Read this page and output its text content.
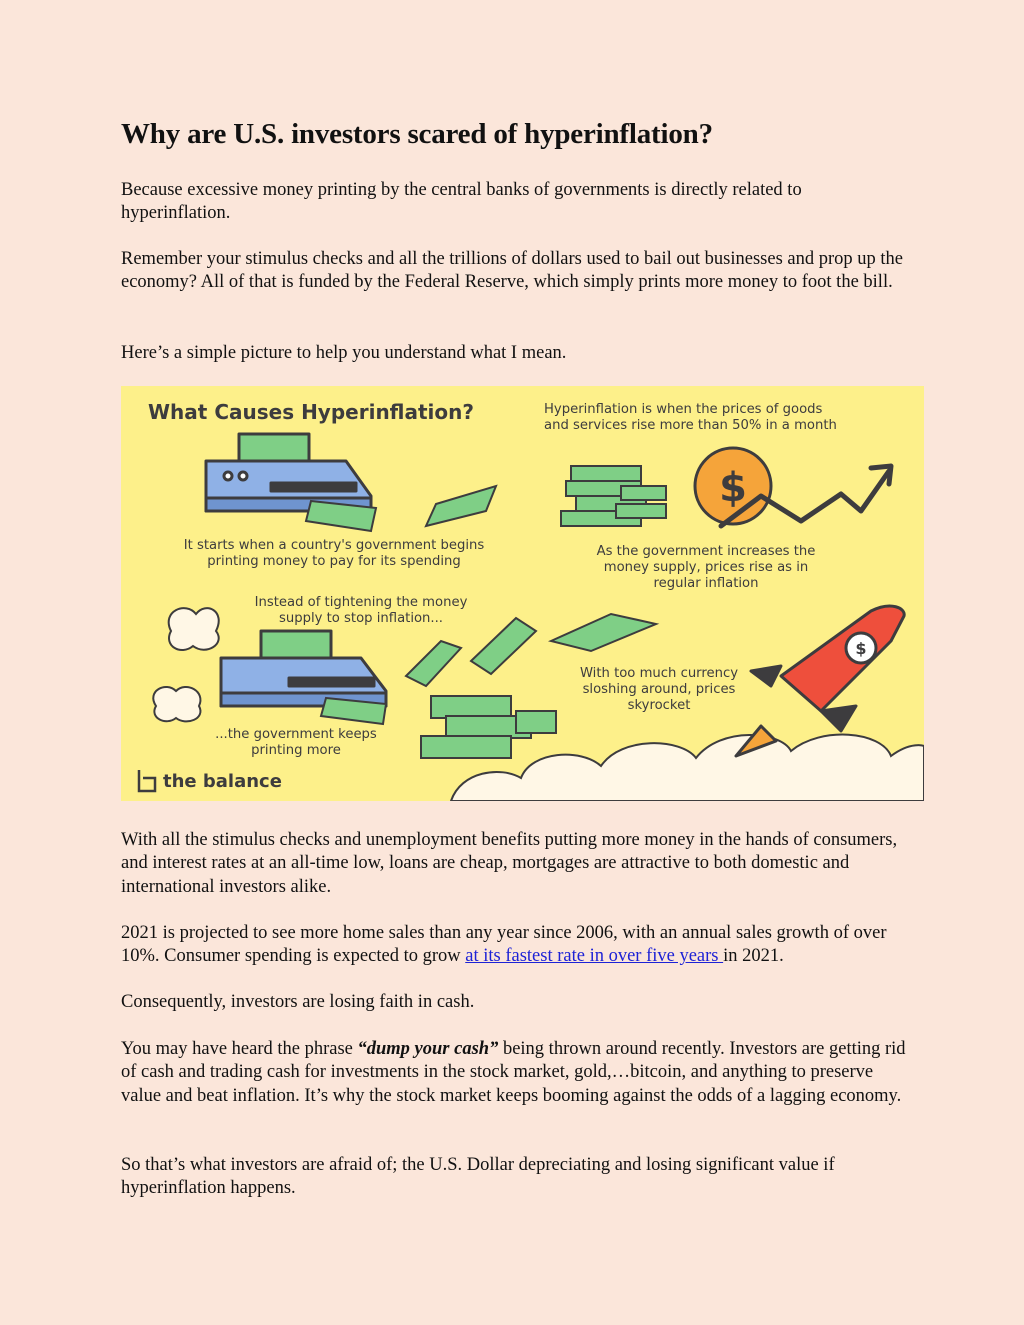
Why are U.S. investors scared of hyperinflation?

Because excessive money printing by the central banks of governments is directly related to hyperinflation.

Remember your stimulus checks and all the trillions of dollars used to bail out businesses and prop up the economy? All of that is funded by the Federal Reserve, which simply prints more money to foot the bill.

Here’s a simple picture to help you understand what I mean.

With all the stimulus checks and unemployment benefits putting more money in the hands of consumers, and interest rates at an all-time low, loans are cheap, mortgages are attractive to both domestic and international investors alike.

2021 is projected to see more home sales than any year since 2006, with an annual sales growth of over 10%. Consumer spending is expected to grow at its fastest rate in over five years in 2021.

Consequently, investors are losing faith in cash.

You may have heard the phrase “dump your cash” being thrown around recently. Investors are getting rid of cash and trading cash for investments in the stock market, gold,…bitcoin, and anything to preserve value and beat inflation. It’s why the stock market keeps booming against the odds of a lagging economy.

So that’s what investors are afraid of; the U.S. Dollar depreciating and losing significant value if hyperinflation happens.

$
$
What Causes Hyperinflation?	Hyperinflation is when the prices of goods
and services rise more than 50% in a month
It starts when a country's government begins
printing money to pay for its spending
As the government increases the
money supply, prices rise as in
regular inflation
Instead of tightening the money
supply to stop inflation...
...the government keeps
printing more
With too much currency
sloshing around, prices
skyrocket
the balance
